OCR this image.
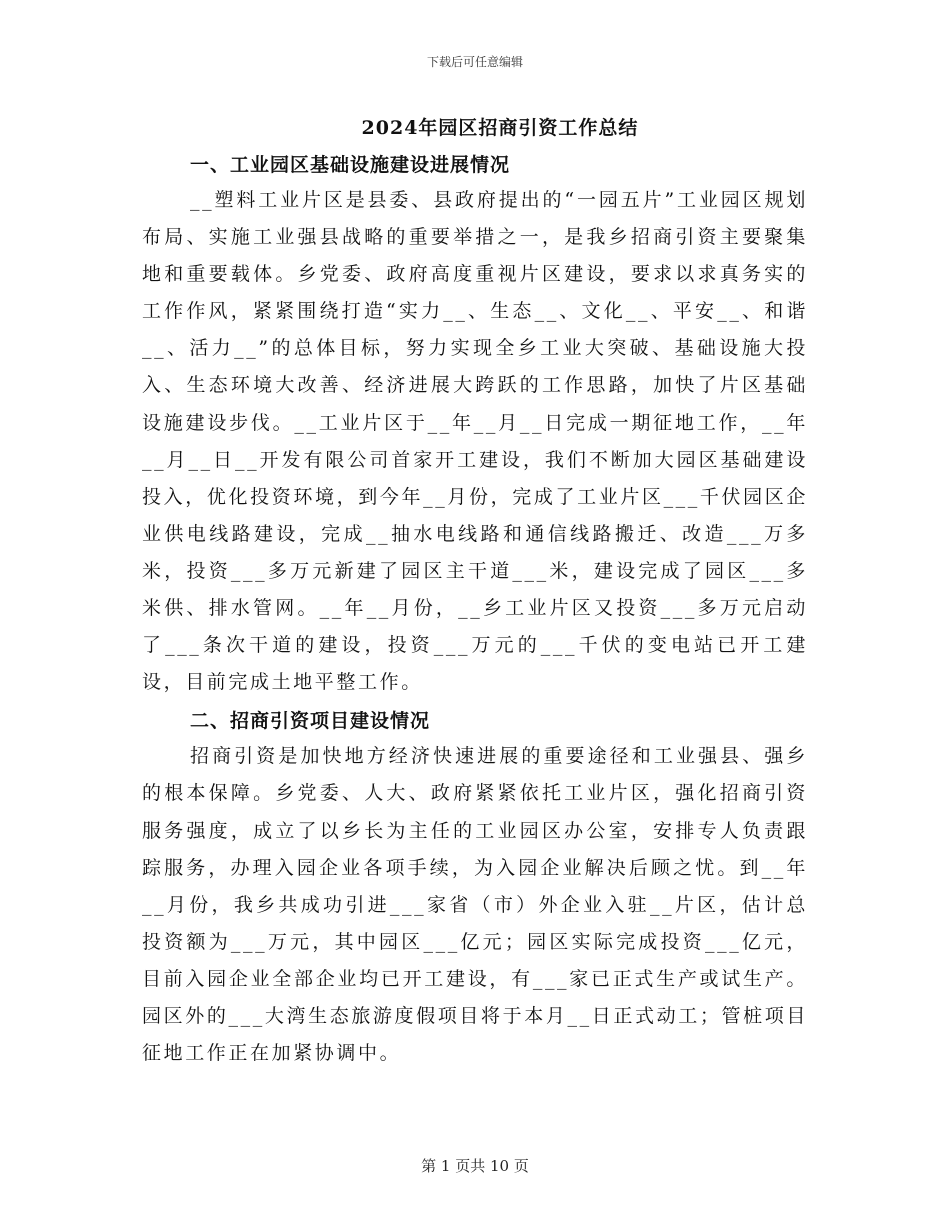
下载后可任意编辑
2024年园区招商引资工作总结
一、工业园区基础设施建设进展情况

__塑料工业片区是县委、县政府提出的“一园五片”工业园区规划布局、实施工业强县战略的重要举措之一，是我乡招商引资主要聚集地和重要载体。乡党委、政府高度重视片区建设，要求以求真务实的工作作风，紧紧围绕打造“实力__、生态__、文化__、平安__、和谐__、活力__”的总体目标，努力实现全乡工业大突破、基础设施大投入、生态环境大改善、经济进展大跨跃的工作思路，加快了片区基础设施建设步伐。__工业片区于__年__月__日完成一期征地工作，__年__月__日__开发有限公司首家开工建设，我们不断加大园区基础建设投入，优化投资环境，到今年__月份，完成了工业片区___千伏园区企业供电线路建设，完成__抽水电线路和通信线路搬迁、改造___万多米，投资___多万元新建了园区主干道___米，建设完成了园区___多米供、排水管网。__年__月份，__乡工业片区又投资___多万元启动了___条次干道的建设，投资___万元的___千伏的变电站已开工建设，目前完成土地平整工作。

二、招商引资项目建设情况

招商引资是加快地方经济快速进展的重要途径和工业强县、强乡的根本保障。乡党委、人大、政府紧紧依托工业片区，强化招商引资服务强度，成立了以乡长为主任的工业园区办公室，安排专人负责跟踪服务，办理入园企业各项手续，为入园企业解决后顾之忧。到__年__月份，我乡共成功引进___家省（市）外企业入驻__片区，估计总投资额为___万元，其中园区___亿元；园区实际完成投资___亿元，目前入园企业全部企业均已开工建设，有___家已正式生产或试生产。园区外的___大湾生态旅游度假项目将于本月__日正式动工；管桩项目征地工作正在加紧协调中。

第 1 页共 10 页
